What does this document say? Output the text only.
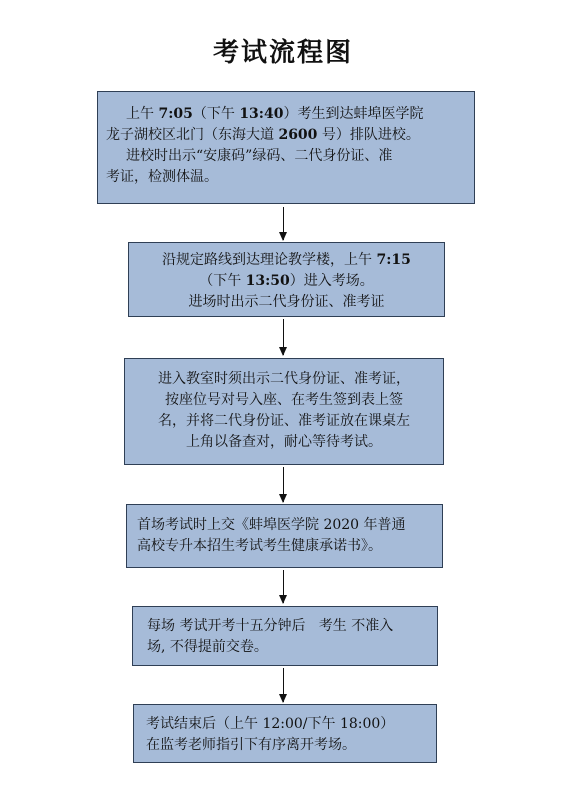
考试流程图
上午 7:05（下午 13:40）考生到达蚌埠医学院
龙子湖校区北门（东海大道 2600 号）排队进校。
进校时出示“安康码”绿码、二代身份证、准
考证，检测体温。
沿规定路线到达理论教学楼，上午 7:15
（下午 13:50）进入考场。
进场时出示二代身份证、准考证
进入教室时须出示二代身份证、准考证，
按座位号对号入座、在考生签到表上签
名，并将二代身份证、准考证放在课桌左
上角以备查对，耐心等待考试。
首场考试时上交《蚌埠医学院 2020 年普通
高校专升本招生考试考生健康承诺书》。
每场 考试开考十五分钟后   考生 不准入
场, 不得提前交卷。
考试结束后（上午 12:00/下午 18:00）
在监考老师指引下有序离开考场。
